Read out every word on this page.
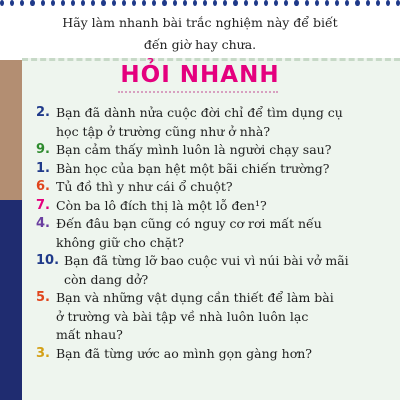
Hãy làm nhanh bài trắc nghiệm này để biết
đến giờ hay chưa.
HỎI NHANH
2. Bạn đã dành nửa cuộc đời chỉ để tìm dụng cụ
học tập ở trường cũng như ở nhà?
9. Bạn cảm thấy mình luôn là người chạy sau?
1. Bàn học của bạn hệt một bãi chiến trường?
6. Tủ đồ thì y như cái ổ chuột?
7. Còn ba lô đích thị là một lỗ đen¹?
4. Đến đâu bạn cũng có nguy cơ rơi mất nếu
không giữ cho chặt?
10. Bạn đã từng lỡ bao cuộc vui vì núi bài vở mãi
còn dang dở?
5. Bạn và những vật dụng cần thiết để làm bài
ở trường và bài tập về nhà luôn luôn lạc
mất nhau?
3. Bạn đã từng ước ao mình gọn gàng hơn?
